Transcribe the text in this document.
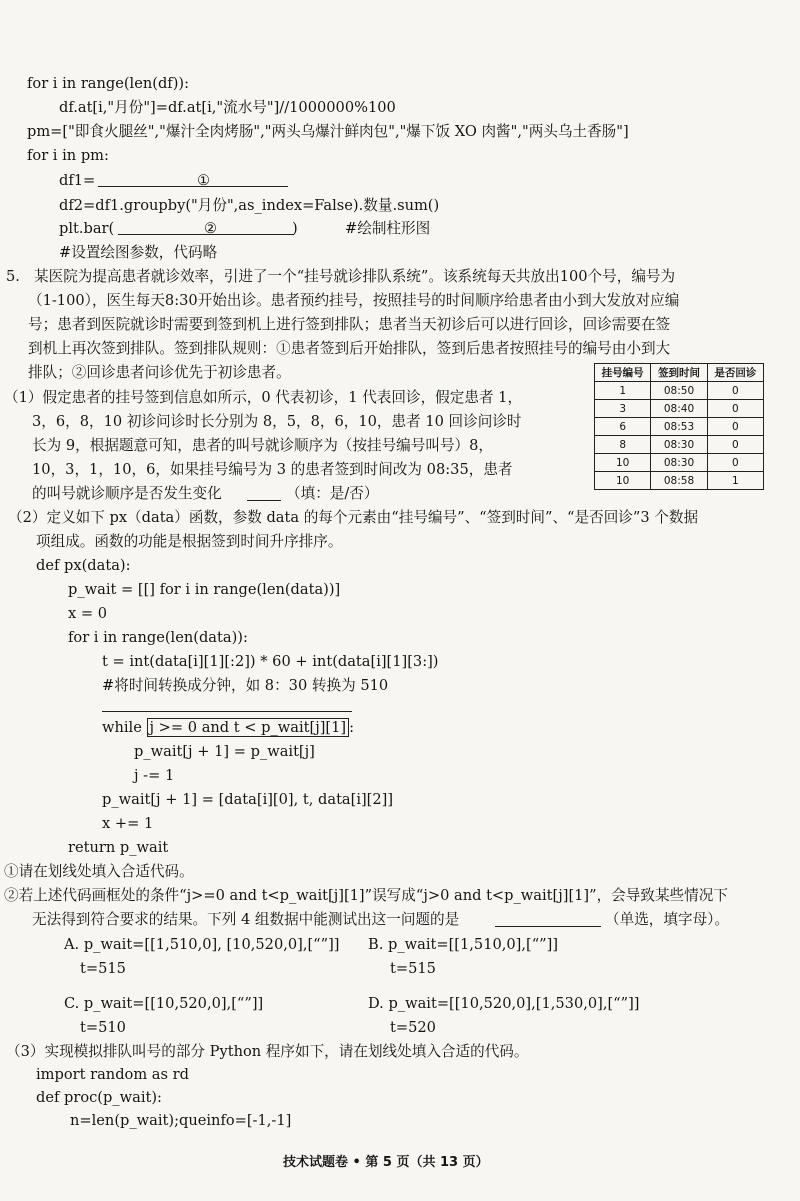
for i in range(len(df)):
df.at[i,"月份"]=df.at[i,"流水号"]//1000000%100
pm=["即食火腿丝","爆汁全肉烤肠","两头乌爆汁鲜肉包","爆下饭 XO 肉酱","两头乌土香肠"]
for i in pm:
df1=	①
df2=df1.groupby("月份",as_index=False).数量.sum()
plt.bar(	②	)	#绘制柱形图
#设置绘图参数，代码略
5. 某医院为提高患者就诊效率，引进了一个“挂号就诊排队系统”。该系统每天共放出100个号，编号为
（1-100），医生每天8:30开始出诊。患者预约挂号，按照挂号的时间顺序给患者由小到大发放对应编
号；患者到医院就诊时需要到签到机上进行签到排队；患者当天初诊后可以进行回诊，回诊需要在签
到机上再次签到排队。签到排队规则：①患者签到后开始排队，签到后患者按照挂号的编号由小到大
排队；②回诊患者问诊优先于初诊患者。	挂号编号	签到时间	是否回诊
1	08:50	0
3	08:40	0
6	08:53	0
8	08:30	0
10	08:30	0
10	08:58	1
（1）假定患者的挂号签到信息如所示，0 代表初诊，1 代表回诊，假定患者 1，
3，6，8，10 初诊问诊时长分别为 8，5，8，6，10，患者 10 回诊问诊时
长为 9，根据题意可知，患者的叫号就诊顺序为（按挂号编号叫号）8，
10，3，1，10，6，如果挂号编号为 3 的患者签到时间改为 08:35，患者
的叫号就诊顺序是否发生变化	（填：是/否）
（2）定义如下 px（data）函数，参数 data 的每个元素由“挂号编号”、“签到时间”、“是否回诊”3 个数据
项组成。函数的功能是根据签到时间升序排序。
def px(data):
p_wait = [[] for i in range(len(data))]
x = 0
for i in range(len(data)):
t = int(data[i][1][:2]) * 60 + int(data[i][1][3:])
#将时间转换成分钟，如 8：30 转换为 510
while j >= 0 and t < p_wait[j][1] :
p_wait[j + 1] = p_wait[j]
j -= 1
p_wait[j + 1] = [data[i][0], t, data[i][2]]
x += 1
return p_wait
①请在划线处填入合适代码。
②若上述代码画框处的条件“j>=0 and t<p_wait[j][1]”误写成“j>0 and t<p_wait[j][1]”，会导致某些情况下
无法得到符合要求的结果。下列 4 组数据中能测试出这一问题的是	（单选，填字母）。
A. p_wait=[[1,510,0], [10,520,0],[“”]]
t=515
B. p_wait=[[1,510,0],[“”]]
t=515
C. p_wait=[[10,520,0],[“”]]
t=510
D. p_wait=[[10,520,0],[1,530,0],[“”]]
t=520
（3）实现模拟排队叫号的部分 Python 程序如下，请在划线处填入合适的代码。
import random as rd
def proc(p_wait):
n=len(p_wait);queinfo=[-1,-1]
技术试题卷 • 第 5 页（共 13 页）
